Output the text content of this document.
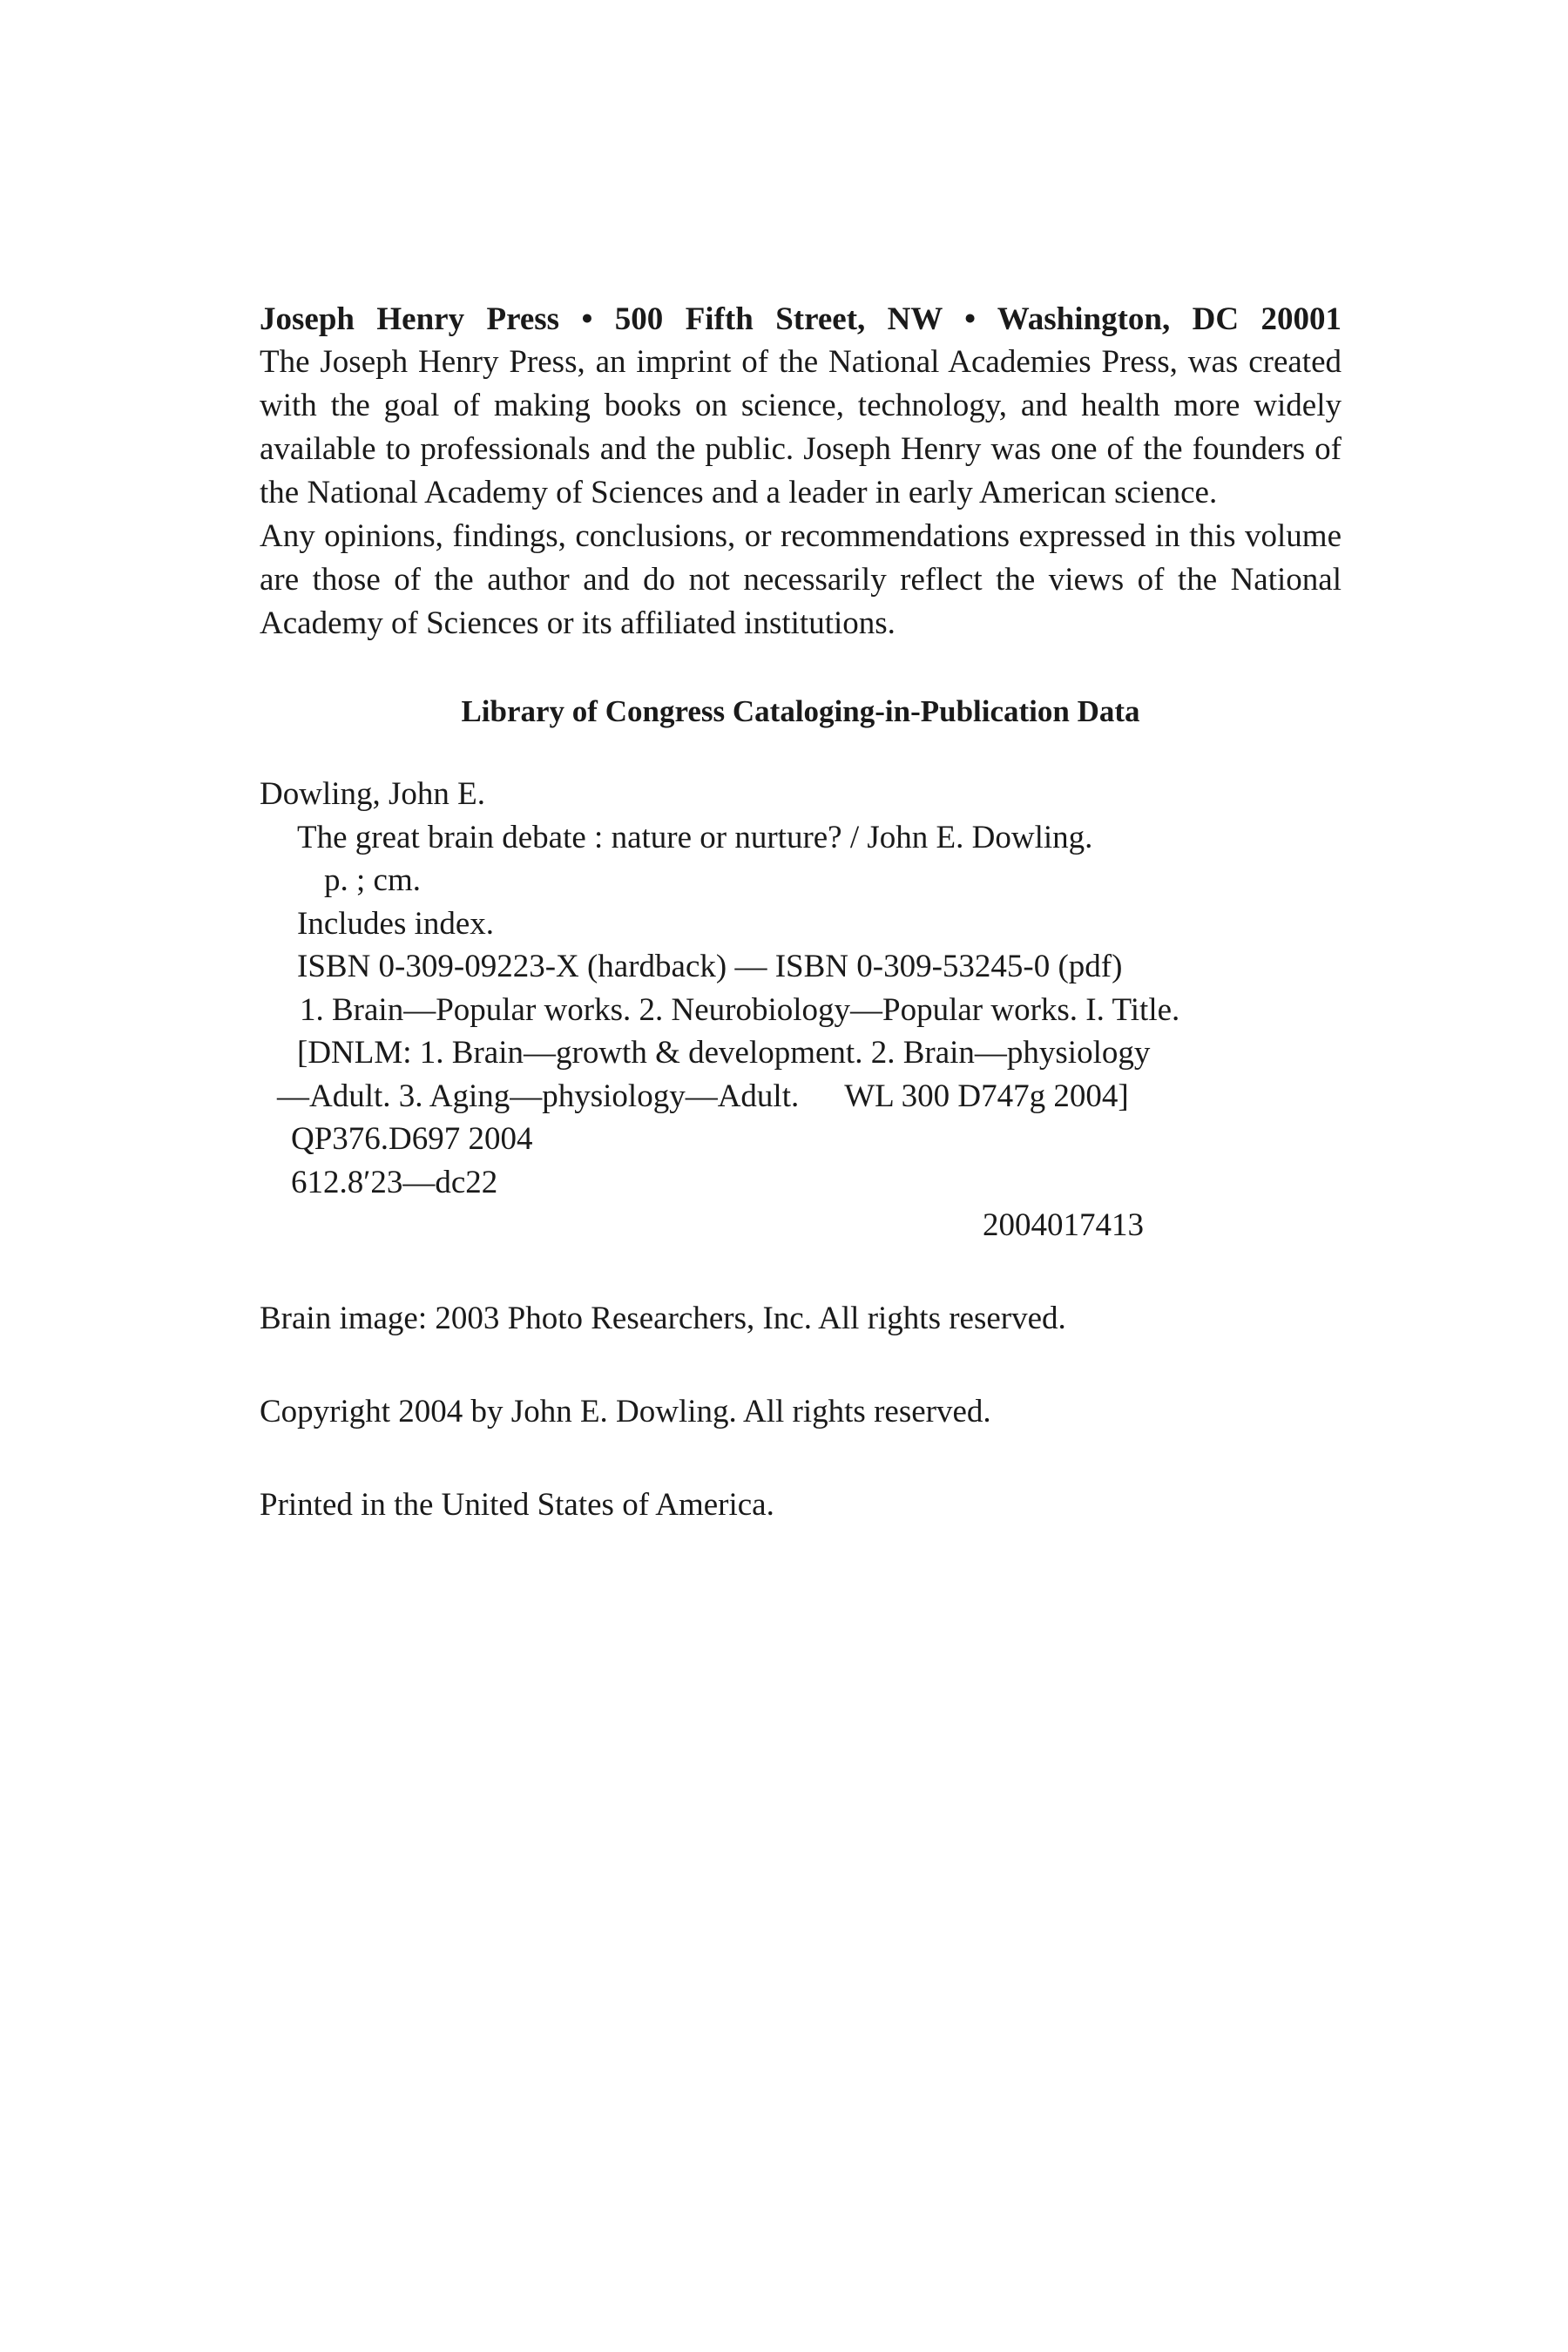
Joseph Henry Press • 500 Fifth Street, NW • Washington, DC 20001

The Joseph Henry Press, an imprint of the National Academies Press, was created with the goal of making books on science, technology, and health more widely available to professionals and the public. Joseph Henry was one of the founders of the National Academy of Sciences and a leader in early American science.

Any opinions, findings, conclusions, or recommendations expressed in this volume are those of the author and do not necessarily reflect the views of the National Academy of Sciences or its affiliated institutions.

Library of Congress Cataloging-in-Publication Data
Dowling, John E.
The great brain debate : nature or nurture? / John E. Dowling.
p. ; cm.
Includes index.
ISBN 0-309-09223-X (hardback) — ISBN 0-309-53245-0 (pdf)
1. Brain—Popular works. 2. Neurobiology—Popular works. I. Title.
[DNLM: 1. Brain—growth & development. 2. Brain—physiology
—Adult. 3. Aging—physiology—Adult. WL 300 D747g 2004]
QP376.D697 2004
612.8′23—dc22
2004017413

Brain image: 2003 Photo Researchers, Inc. All rights reserved.

Copyright 2004 by John E. Dowling. All rights reserved.

Printed in the United States of America.
